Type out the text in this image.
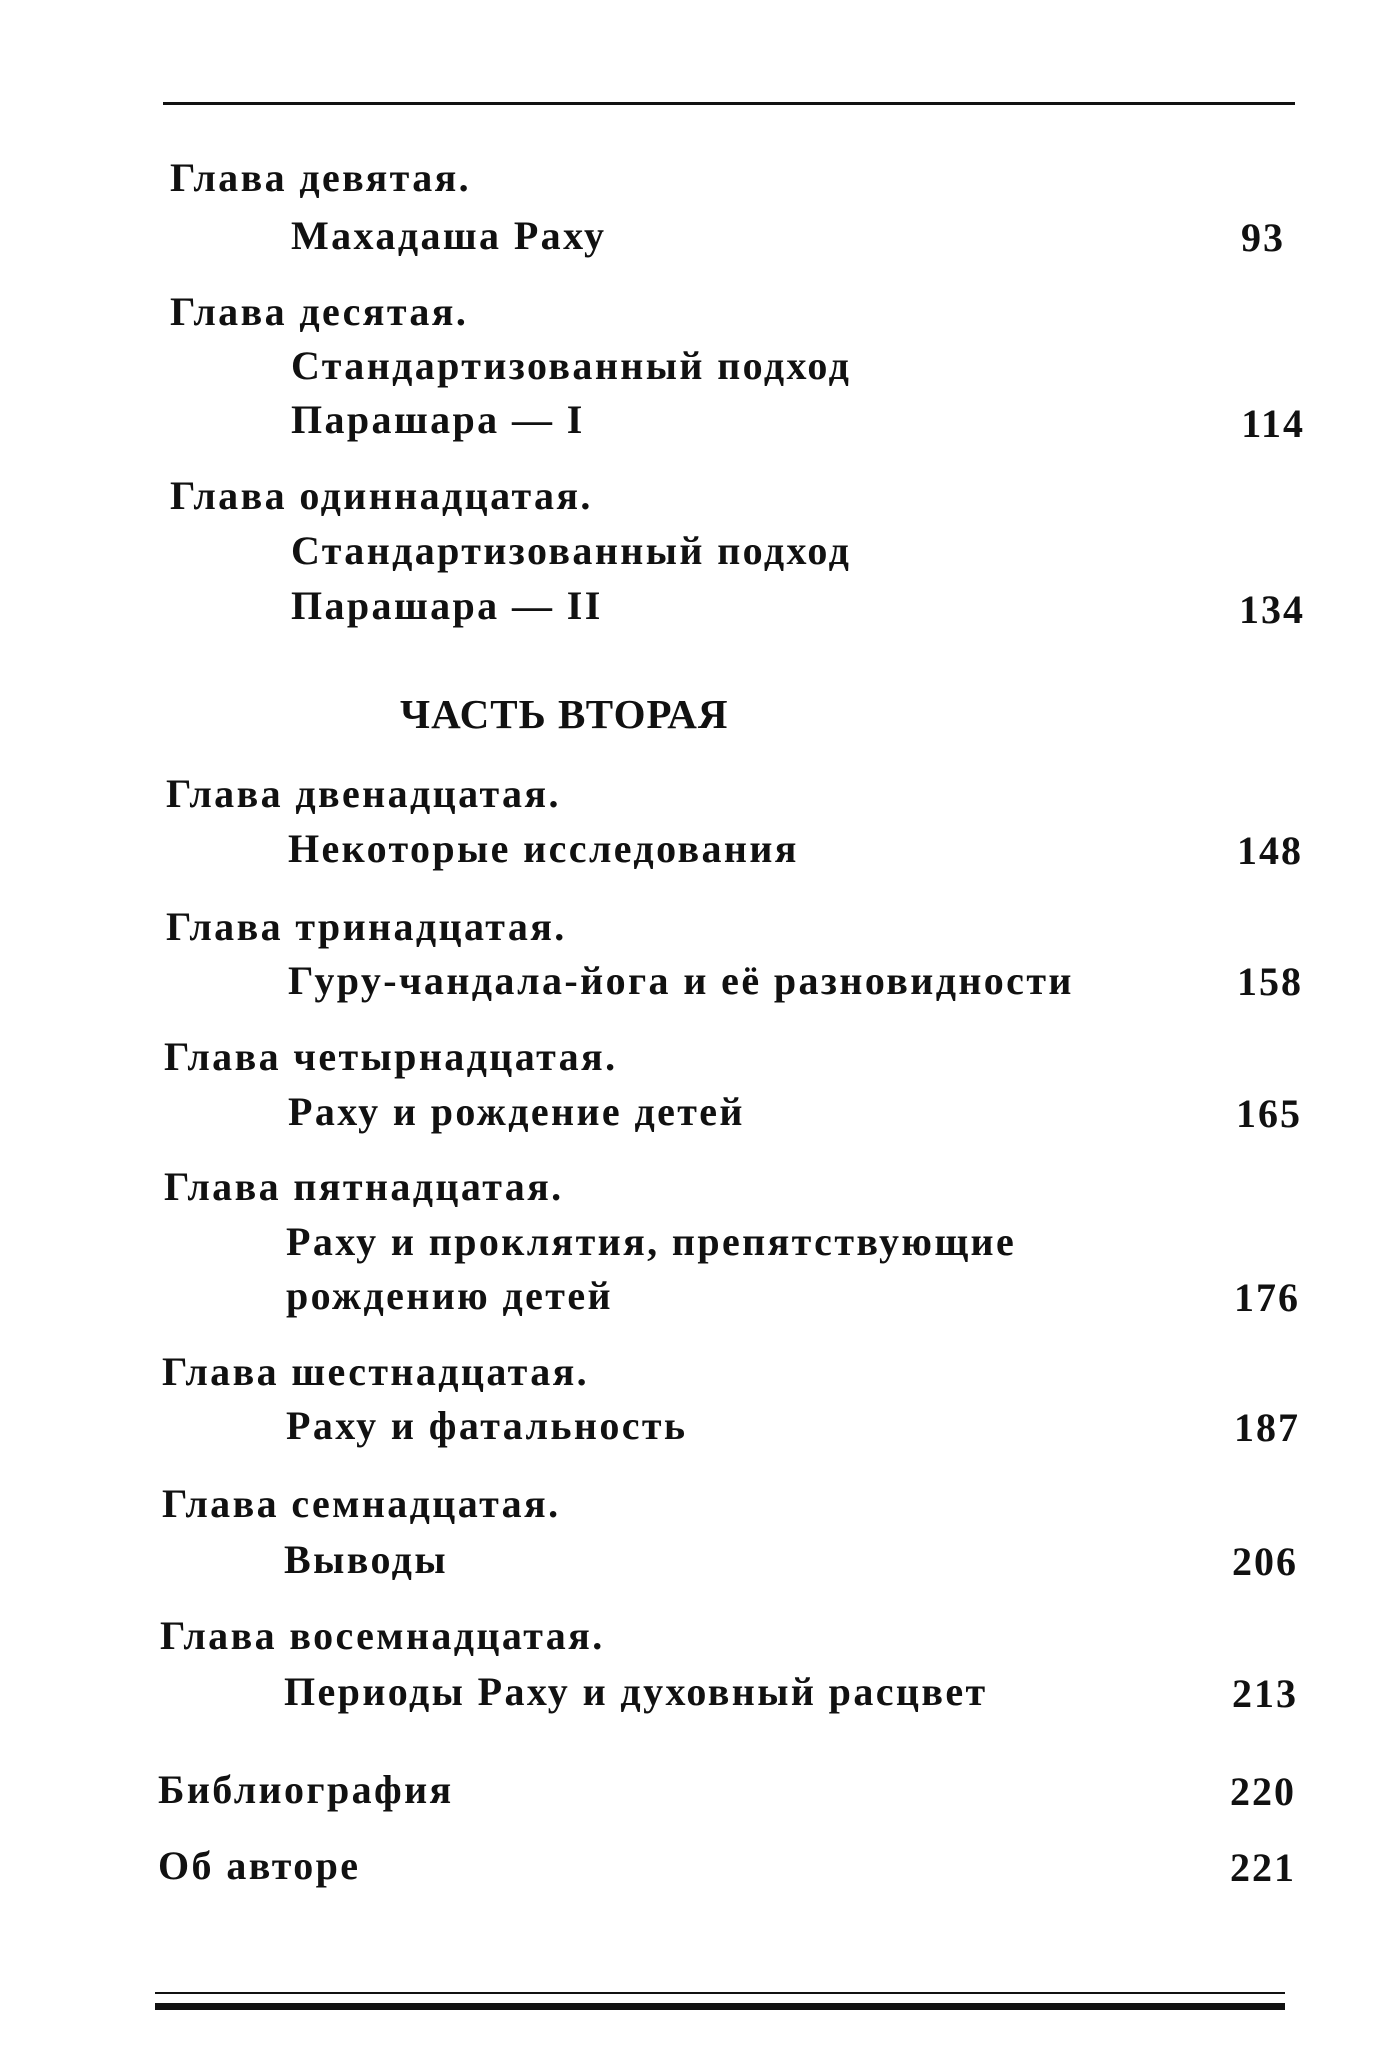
Глава девятая.
Махадаша Раху	93
Глава десятая.
Стандартизованный подход
Парашара — I	114
Глава одиннадцатая.
Стандартизованный подход
Парашара — II	134
ЧАСТЬ ВТОРАЯ
Глава двенадцатая.
Некоторые исследования	148
Глава тринадцатая.
Гуру-чандала-йога и её разновидности	158
Глава четырнадцатая.
Раху и рождение детей	165
Глава пятнадцатая.
Раху и проклятия, препятствующие
рождению детей	176
Глава шестнадцатая.
Раху и фатальность	187
Глава семнадцатая.
Выводы	206
Глава восемнадцатая.
Периоды Раху и духовный расцвет	213
Библиография	220
Об авторе	221
